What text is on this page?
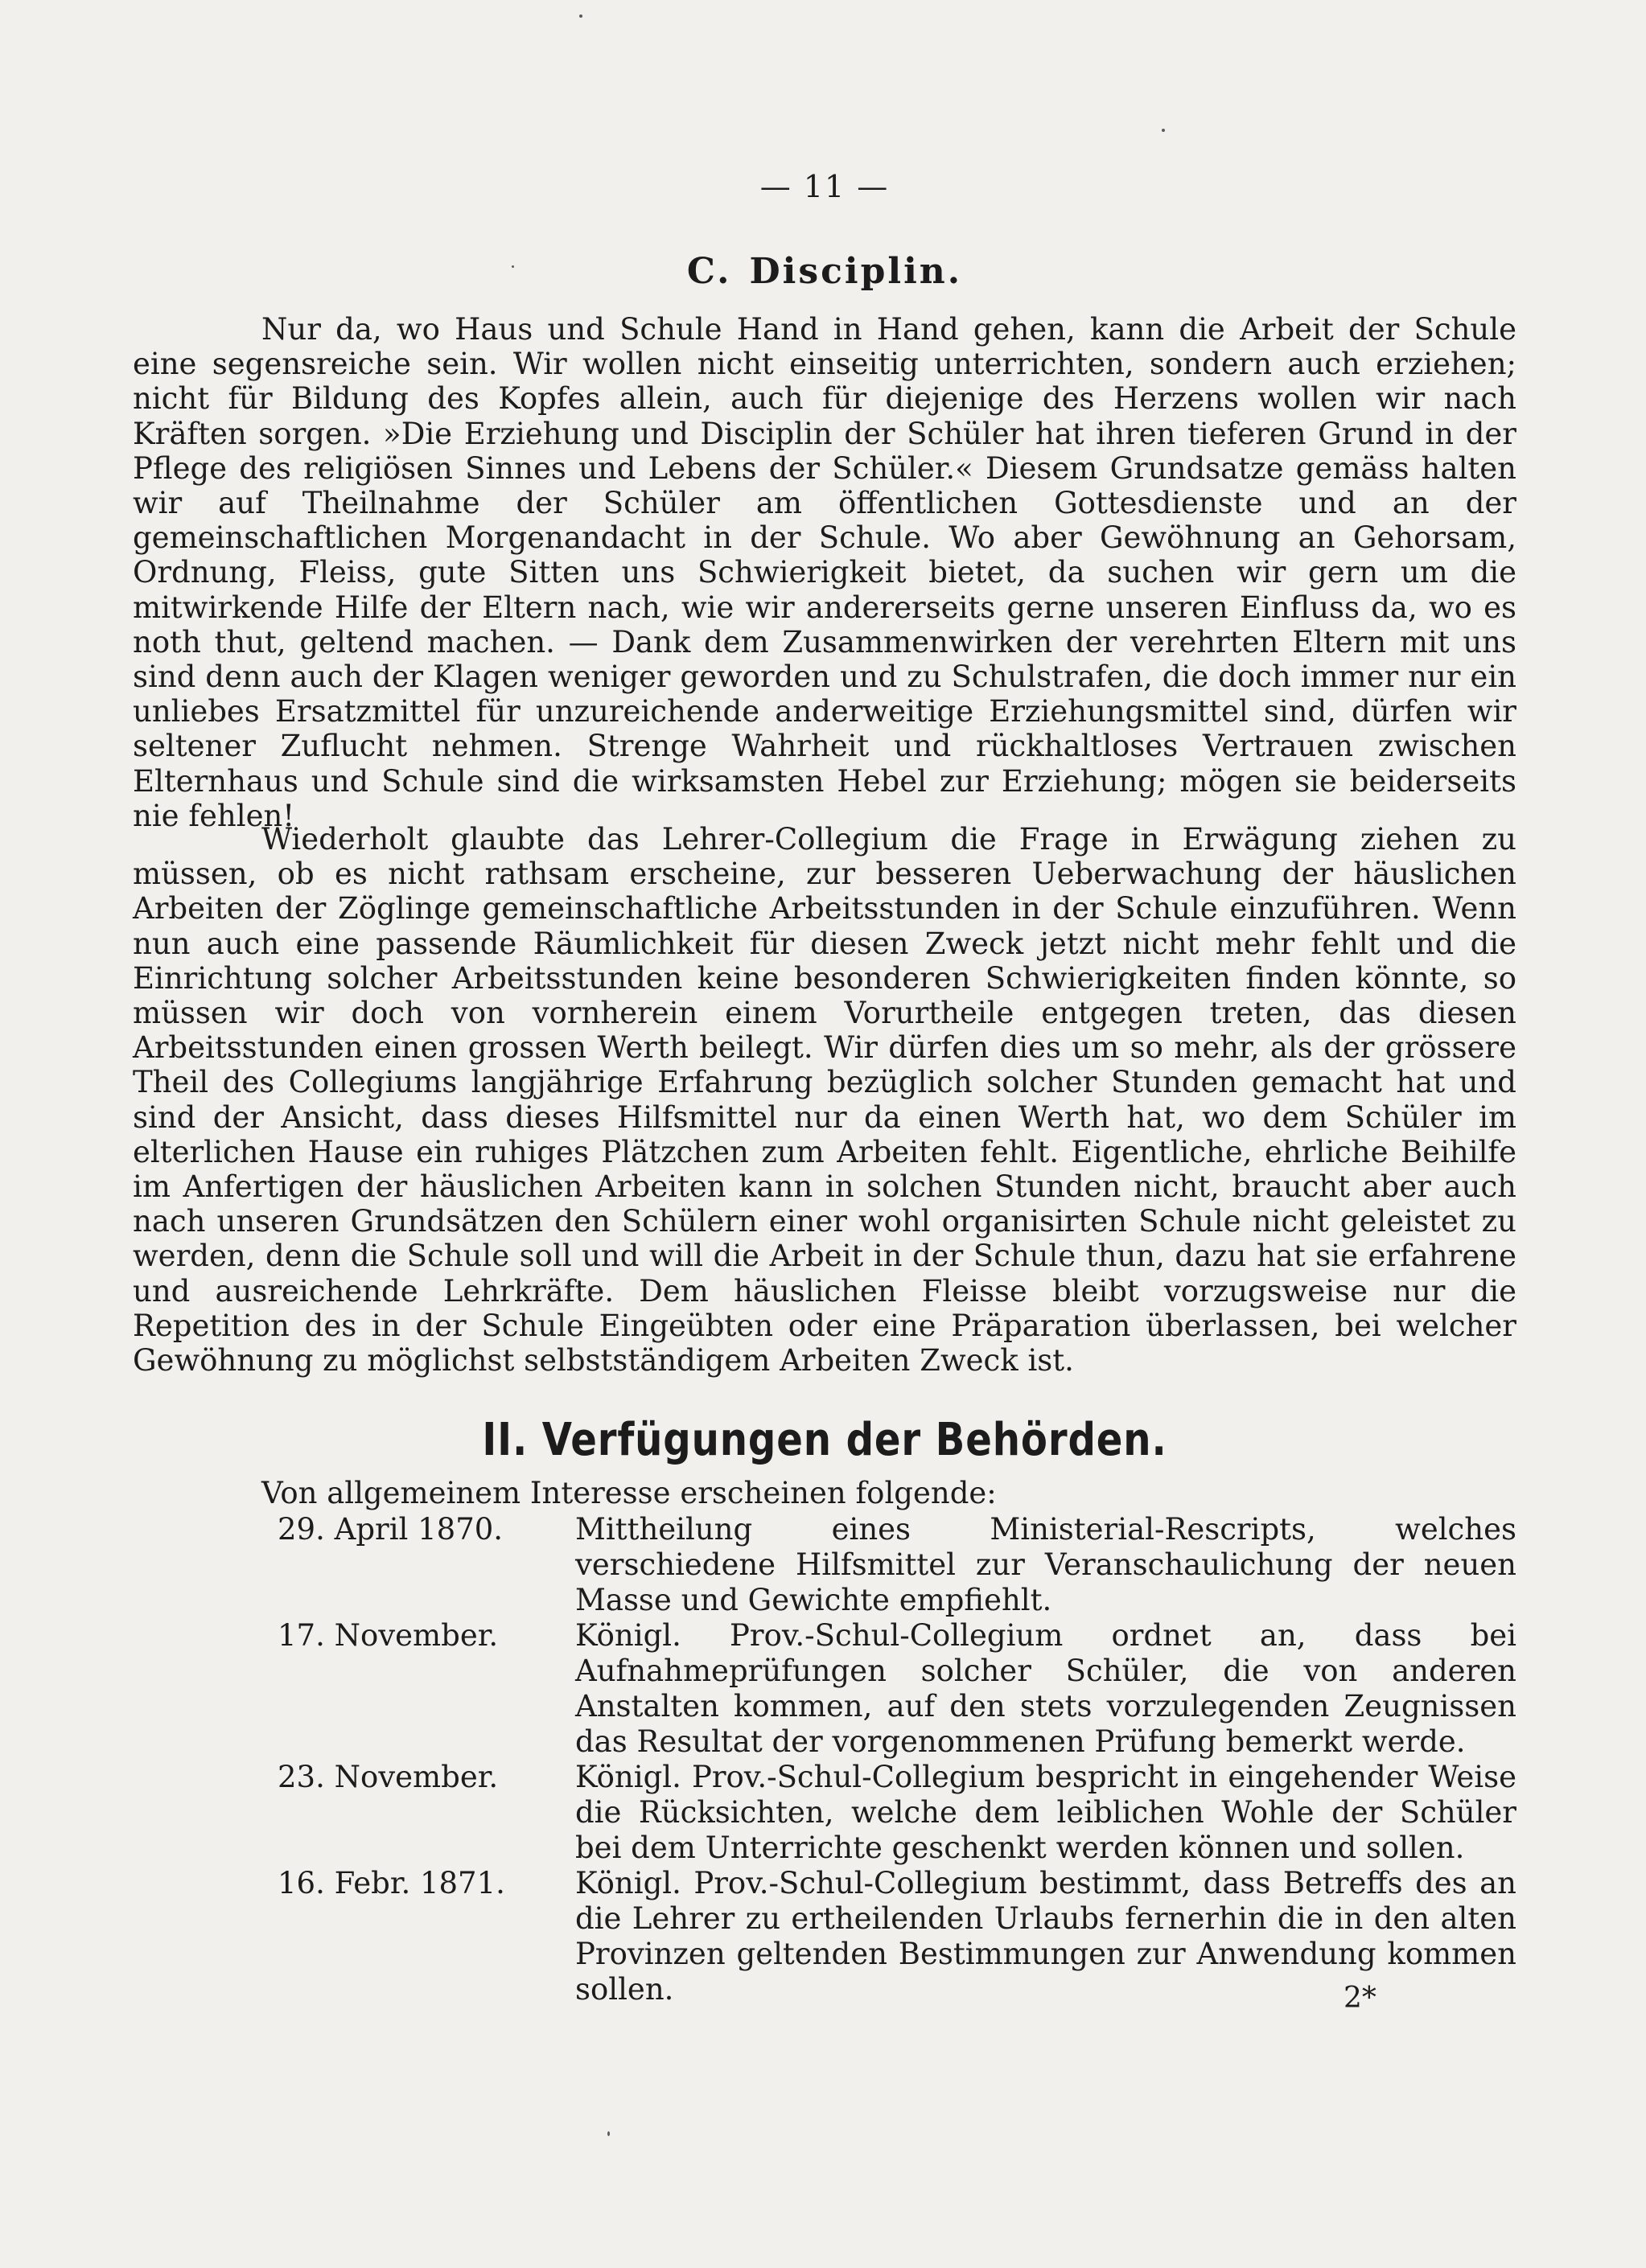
— 11 —
C. Disciplin.
Nur da, wo Haus und Schule Hand in Hand gehen, kann die Arbeit der Schule eine segensreiche sein. Wir wollen nicht einseitig unterrichten, sondern auch erziehen; nicht für Bildung des Kopfes allein, auch für diejenige des Herzens wollen wir nach Kräften sorgen. »Die Erziehung und Disciplin der Schüler hat ihren tieferen Grund in der Pflege des religiösen Sinnes und Lebens der Schüler.« Diesem Grundsatze gemäss halten wir auf Theilnahme der Schüler am öffentlichen Gottesdienste und an der gemeinschaftlichen Morgenandacht in der Schule. Wo aber Gewöhnung an Gehorsam, Ordnung, Fleiss, gute Sitten uns Schwierigkeit bietet, da suchen wir gern um die mitwirkende Hilfe der Eltern nach, wie wir andererseits gerne unseren Einfluss da, wo es noth thut, geltend machen. — Dank dem Zusammenwirken der verehrten Eltern mit uns sind denn auch der Klagen weniger geworden und zu Schulstrafen, die doch immer nur ein unliebes Ersatzmittel für unzureichende anderweitige Erziehungsmittel sind, dürfen wir seltener Zuflucht nehmen. Strenge Wahrheit und rückhaltloses Vertrauen zwischen Elternhaus und Schule sind die wirksamsten Hebel zur Erziehung; mögen sie beiderseits nie fehlen!
Wiederholt glaubte das Lehrer-Collegium die Frage in Erwägung ziehen zu müssen, ob es nicht rathsam erscheine, zur besseren Ueberwachung der häuslichen Arbeiten der Zöglinge gemeinschaftliche Arbeitsstunden in der Schule einzuführen. Wenn nun auch eine passende Räumlichkeit für diesen Zweck jetzt nicht mehr fehlt und die Einrichtung solcher Arbeitsstunden keine besonderen Schwierigkeiten finden könnte, so müssen wir doch von vornherein einem Vorurtheile entgegen treten, das diesen Arbeitsstunden einen grossen Werth beilegt. Wir dürfen dies um so mehr, als der grössere Theil des Collegiums langjährige Erfahrung bezüglich solcher Stunden gemacht hat und sind der Ansicht, dass dieses Hilfsmittel nur da einen Werth hat, wo dem Schüler im elterlichen Hause ein ruhiges Plätzchen zum Arbeiten fehlt. Eigentliche, ehrliche Beihilfe im Anfertigen der häuslichen Arbeiten kann in solchen Stunden nicht, braucht aber auch nach unseren Grundsätzen den Schülern einer wohl organisirten Schule nicht geleistet zu werden, denn die Schule soll und will die Arbeit in der Schule thun, dazu hat sie erfahrene und ausreichende Lehrkräfte. Dem häuslichen Fleisse bleibt vorzugsweise nur die Repetition des in der Schule Eingeübten oder eine Präparation überlassen, bei welcher Gewöhnung zu möglichst selbstständigem Arbeiten Zweck ist.
II. Verfügungen der Behörden.
Von allgemeinem Interesse erscheinen folgende:
29. April 1870.	Mittheilung eines Ministerial-Rescripts, welches verschiedene Hilfsmittel zur Veranschaulichung der neuen Masse und Gewichte empfiehlt.
17. November.	Königl. Prov.-Schul-Collegium ordnet an, dass bei Aufnahmeprüfungen solcher Schüler, die von anderen Anstalten kommen, auf den stets vorzulegenden Zeugnissen das Resultat der vorgenommenen Prüfung bemerkt werde.
23. November.	Königl. Prov.-Schul-Collegium bespricht in eingehender Weise die Rücksichten, welche dem leiblichen Wohle der Schüler bei dem Unterrichte geschenkt werden können und sollen.
16. Febr. 1871.	Königl. Prov.-Schul-Collegium bestimmt, dass Betreffs des an die Lehrer zu ertheilenden Urlaubs fernerhin die in den alten Provinzen geltenden Bestimmungen zur Anwendung kommen sollen.	2*
